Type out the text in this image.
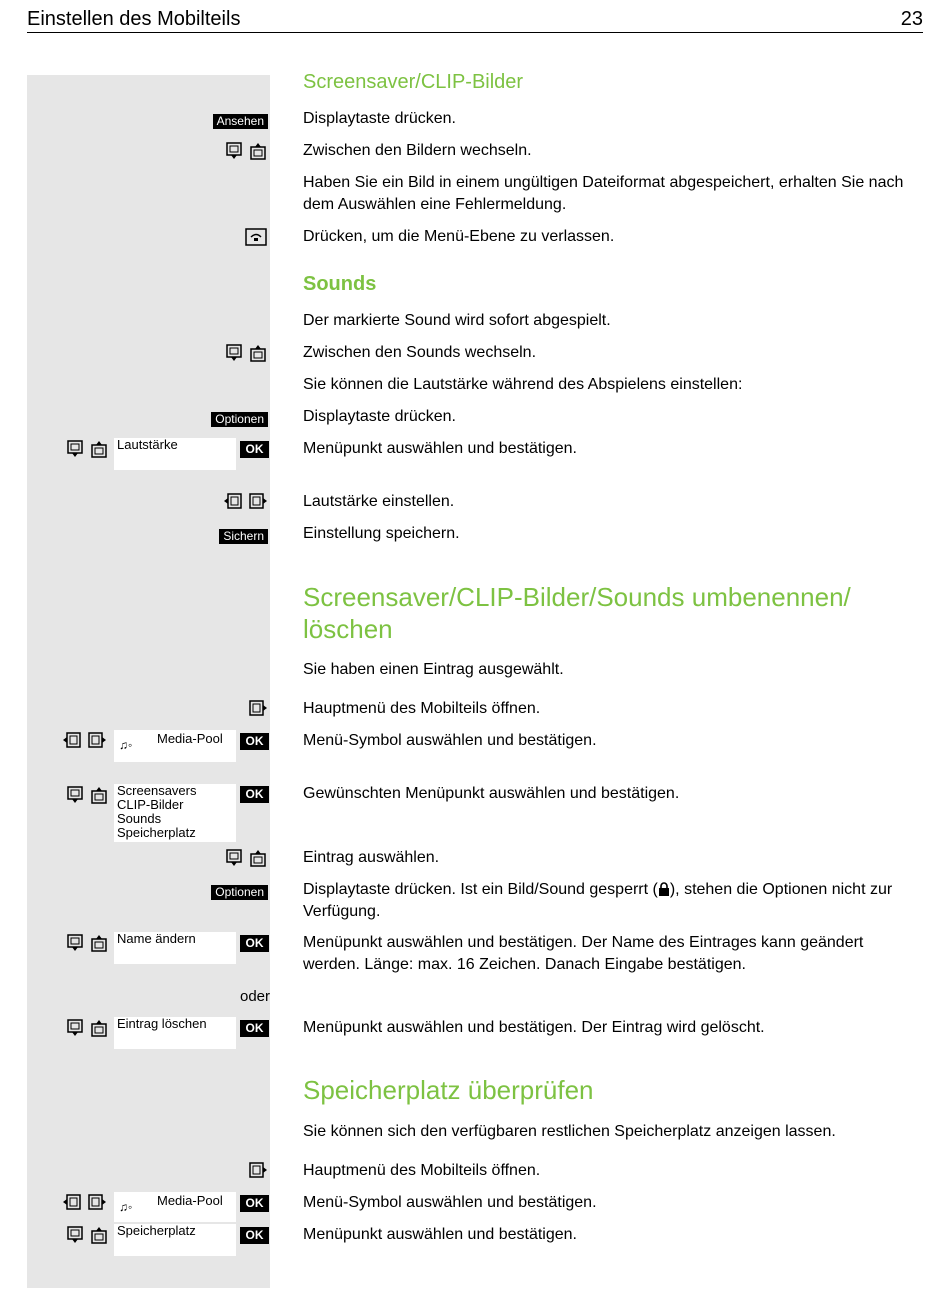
Einstellen des Mobilteils	23
Screensaver/CLIP-Bilder
Ansehen Displaytaste drücken.
Zwischen den Bildern wechseln.
Haben Sie ein Bild in einem ungültigen Dateiformat abgespeichert, erhalten Sie nach dem Auswählen eine Fehlermeldung.
Drücken, um die Menü-Ebene zu verlassen.
Sounds
Der markierte Sound wird sofort abgespielt.
Zwischen den Sounds wechseln.
Sie können die Lautstärke während des Abspielens einstellen:
Optionen Displaytaste drücken.
Lautstärke	OK	Menüpunkt auswählen und bestätigen.
Lautstärke einstellen.
Sichern Einstellung speichern.
Screensaver/CLIP-Bilder/Sounds umbenennen/ löschen
Sie haben einen Eintrag ausgewählt.
Hauptmenü des Mobilteils öffnen.
♫◦ Media-Pool	OK	Menü-Symbol auswählen und bestätigen.
Screensavers
CLIP-Bilder
Sounds
Speicherplatz
OK	Gewünschten Menüpunkt auswählen und bestätigen.
Eintrag auswählen.
Optionen Displaytaste drücken. Ist ein Bild/Sound gesperrt ( ), stehen die Optionen nicht zur Verfügung.
Name ändern	OK	Menüpunkt auswählen und bestätigen. Der Name des Eintrages kann geändert werden. Länge: max. 16 Zeichen. Danach Eingabe bestätigen.
oder
Eintrag löschen	OK	Menüpunkt auswählen und bestätigen. Der Eintrag wird gelöscht.
Speicherplatz überprüfen
Sie können sich den verfügbaren restlichen Speicherplatz anzeigen lassen.
Hauptmenü des Mobilteils öffnen.
♫◦ Media-Pool	OK	Menü-Symbol auswählen und bestätigen.
Speicherplatz	OK	Menüpunkt auswählen und bestätigen.
